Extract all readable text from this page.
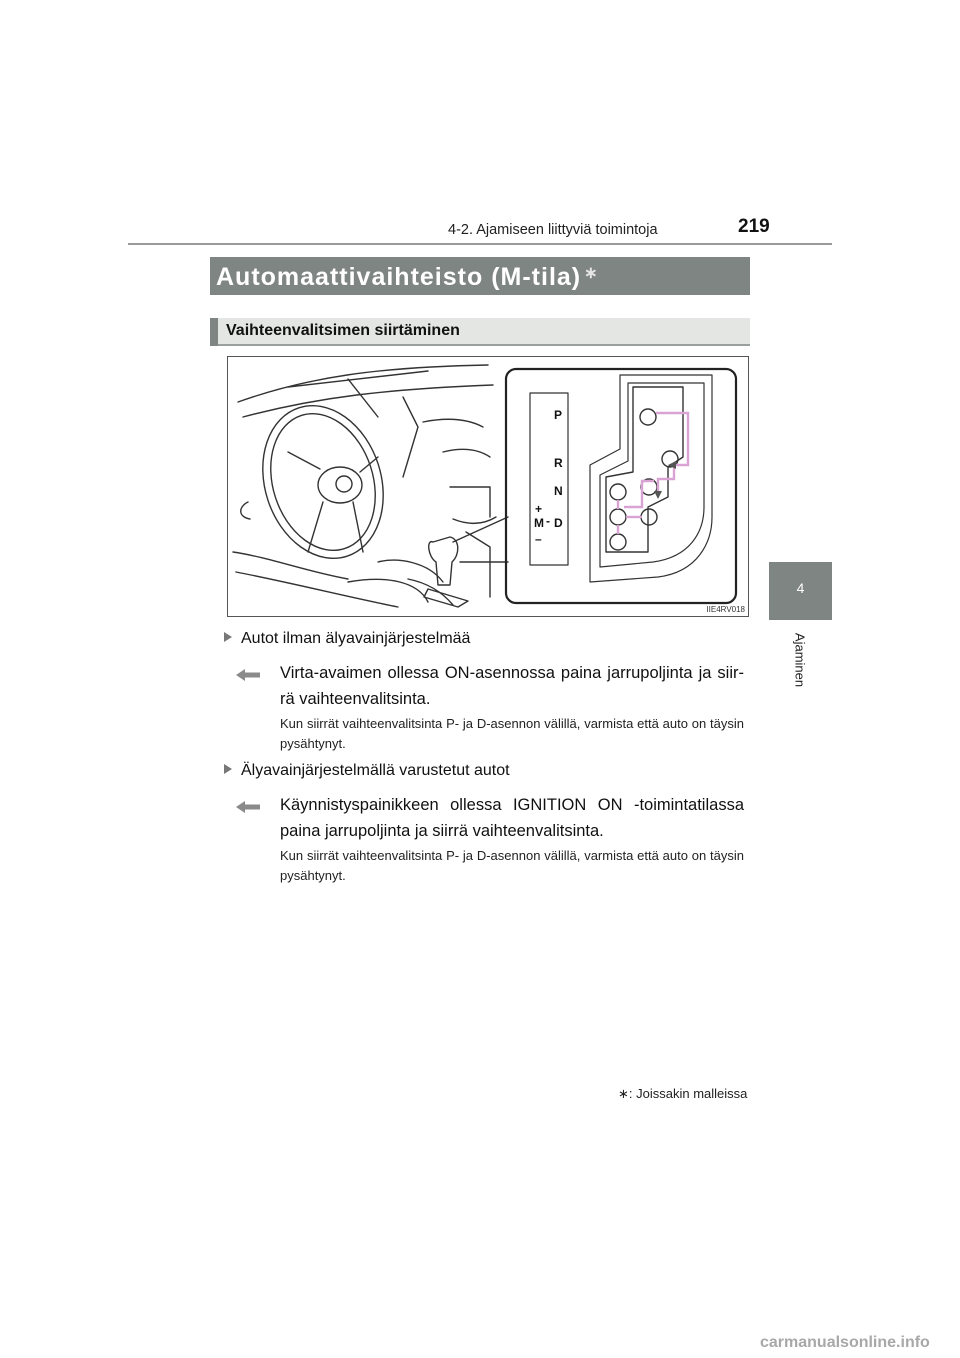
4-2. Ajamiseen liittyviä toimintoja	219
4
Ajaminen
Automaattivaihteisto (M-tila) ∗
Vaihteenvalitsimen siirtäminen
P
R
N
D
M
+
–
-
IIE4RV018
Autot ilman älyavainjärjestelmää
Virta-avaimen ollessa ON-asennossa paina jarrupoljinta ja siir-rä vaihteenvalitsinta.
Kun siirrät vaihteenvalitsinta P- ja D-asennon välillä, varmista että auto on täysin pysähtynyt.
Älyavainjärjestelmällä varustetut autot
Käynnistyspainikkeen ollessa IGNITION ON -toimintatilassa paina jarrupoljinta ja siirrä vaihteenvalitsinta.
Kun siirrät vaihteenvalitsinta P- ja D-asennon välillä, varmista että auto on täysin pysähtynyt.
∗: Joissakin malleissa
carmanualsonline.info
